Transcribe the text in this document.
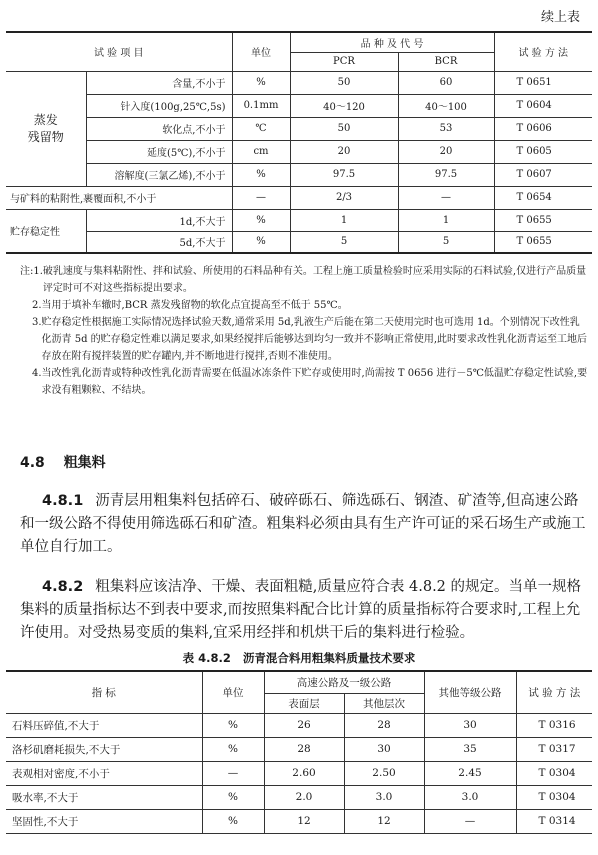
续上表
试 验 项 目		单位	品 种 及 代 号		试 验 方 法
			PCR	BCR	
蒸发
残留物	含量,不小于	%	50	60	T 0651
	针入度(100g,25℃,5s)	0.1mm	40～120	40～100	T 0604
	软化点,不小于	℃	50	53	T 0606
	延度(5℃),不小于	cm	20	20	T 0605
	溶解度(三氯乙烯),不小于	%	97.5	97.5	T 0607
与矿料的粘附性,裹覆面积,不小于		—	2/3	—	T 0654
贮存稳定性	1d,不大于	%	1	1	T 0655
	5d,不大于	%	5	5	T 0655
注:1. 破乳速度与集料粘附性、拌和试验、所使用的石料品种有关。工程上施工质量检验时应采用实际的石料试验,仅进行产品质量评定时可不对这些指标提出要求。
2. 当用于填补车辙时,BCR 蒸发残留物的软化点宜提高至不低于 55℃。
3. 贮存稳定性根据施工实际情况选择试验天数,通常采用 5d,乳液生产后能在第二天使用完时也可选用 1d。个别情况下改性乳化沥青 5d 的贮存稳定性难以满足要求,如果经搅拌后能够达到均匀一致并不影响正常使用,此时要求改性乳化沥青运至工地后存放在附有搅拌装置的贮存罐内,并不断地进行搅拌,否则不准使用。
4. 当改性乳化沥青或特种改性乳化沥青需要在低温冰冻条件下贮存或使用时,尚需按 T 0656 进行－5℃低温贮存稳定性试验,要求没有粗颗粒、不结块。
4.8 粗集料
4.8.1 沥青层用粗集料包括碎石、破碎砾石、筛选砾石、钢渣、矿渣等,但高速公路和一级公路不得使用筛选砾石和矿渣。粗集料必须由具有生产许可证的采石场生产或施工单位自行加工。
4.8.2 粗集料应该洁净、干燥、表面粗糙,质量应符合表 4.8.2 的规定。当单一规格集料的质量指标达不到表中要求,而按照集料配合比计算的质量指标符合要求时,工程上允许使用。对受热易变质的集料,宜采用经拌和机烘干后的集料进行检验。
表 4.8.2 沥青混合料用粗集料质量技术要求
指 标	单位	高速公路及一级公路		其他等级公路	试 验 方 法
		表面层	其他层次		
石料压碎值,不大于	%	26	28	30	T 0316
洛杉矶磨耗损失,不大于	%	28	30	35	T 0317
表观相对密度,不小于	—	2.60	2.50	2.45	T 0304
吸水率,不大于	%	2.0	3.0	3.0	T 0304
坚固性,不大于	%	12	12	—	T 0314
